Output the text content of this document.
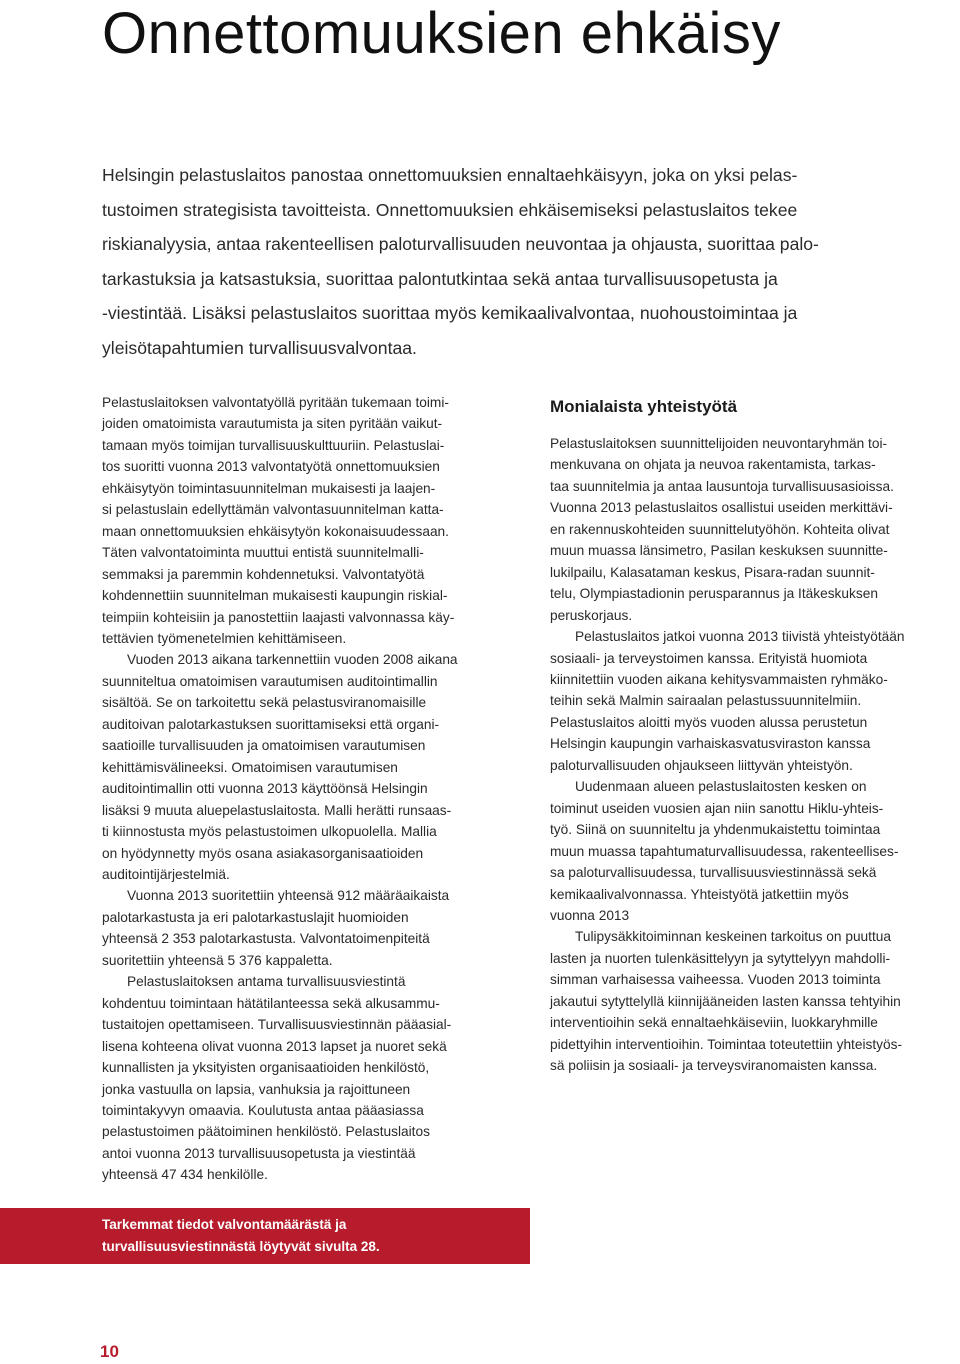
Onnettomuuksien ehkäisy
Helsingin pelastuslaitos panostaa onnettomuuksien ennaltaehkäisyyn, joka on yksi pelas-
tustoimen strategisista tavoitteista. Onnettomuuksien ehkäisemiseksi pelastuslaitos tekee
riskianalyysia, antaa rakenteellisen paloturvallisuuden neuvontaa ja ohjausta, suorittaa palo-
tarkastuksia ja katsastuksia, suorittaa palontutkintaa sekä antaa turvallisuusopetusta ja
-viestintää. Lisäksi pelastuslaitos suorittaa myös kemikaalivalvontaa, nuohoustoimintaa ja
yleisötapahtumien turvallisuusvalvontaa.
Pelastuslaitoksen valvontatyöllä pyritään tukemaan toimi-
joiden omatoimista varautumista ja siten pyritään vaikut-
tamaan myös toimijan turvallisuuskulttuuriin. Pelastuslai-
tos suoritti vuonna 2013 valvontatyötä onnettomuuksien
ehkäisytyön toimintasuunnitelman mukaisesti ja laajen-
si pelastuslain edellyttämän valvontasuunnitelman katta-
maan onnettomuuksien ehkäisytyön kokonaisuudessaan.
Täten valvontatoiminta muuttui entistä suunnitelmalli-
semmaksi ja paremmin kohdennetuksi. Valvontatyötä
kohdennettiin suunnitelman mukaisesti kaupungin riskial-
teimpiin kohteisiin ja panostettiin laajasti valvonnassa käy-
tettävien työmenetelmien kehittämiseen.
Vuoden 2013 aikana tarkennettiin vuoden 2008 aikana
suunniteltua omatoimisen varautumisen auditointimallin
sisältöä. Se on tarkoitettu sekä pelastusviranomaisille
auditoivan palotarkastuksen suorittamiseksi että organi-
saatioille turvallisuuden ja omatoimisen varautumisen
kehittämisvälineeksi. Omatoimisen varautumisen
auditointimallin otti vuonna 2013 käyttöönsä Helsingin
lisäksi 9 muuta aluepelastuslaitosta. Malli herätti runsaas-
ti kiinnostusta myös pelastustoimen ulkopuolella. Mallia
on hyödynnetty myös osana asiakasorganisaatioiden
auditointijärjestelmiä.
Vuonna 2013 suoritettiin yhteensä 912 määräaikaista
palotarkastusta ja eri palotarkastuslajit huomioiden
yhteensä 2 353 palotarkastusta. Valvontatoimenpiteitä
suoritettiin yhteensä 5 376 kappaletta.
Pelastuslaitoksen antama turvallisuusviestintä
kohdentuu toimintaan hätätilanteessa sekä alkusammu-
tustaitojen opettamiseen. Turvallisuusviestinnän pääasial-
lisena kohteena olivat vuonna 2013 lapset ja nuoret sekä
kunnallisten ja yksityisten organisaatioiden henkilöstö,
jonka vastuulla on lapsia, vanhuksia ja rajoittuneen
toimintakyvyn omaavia. Koulutusta antaa pääasiassa
pelastustoimen päätoiminen henkilöstö. Pelastuslaitos
antoi vuonna 2013 turvallisuusopetusta ja viestintää
yhteensä 47 434 henkilölle.
Monialaista yhteistyötä
Pelastuslaitoksen suunnittelijoiden neuvontaryhmän toi-
menkuvana on ohjata ja neuvoa rakentamista, tarkas-
taa suunnitelmia ja antaa lausuntoja turvallisuusasioissa.
Vuonna 2013 pelastuslaitos osallistui useiden merkittävi-
en rakennuskohteiden suunnittelutyöhön. Kohteita olivat
muun muassa länsimetro, Pasilan keskuksen suunnitte-
lukilpailu, Kalasataman keskus, Pisara-radan suunnit-
telu, Olympiastadionin perusparannus ja Itäkeskuksen
peruskorjaus.
Pelastuslaitos jatkoi vuonna 2013 tiivistä yhteistyötään
sosiaali- ja terveystoimen kanssa. Erityistä huomiota
kiinnitettiin vuoden aikana kehitysvammaisten ryhmäko-
teihin sekä Malmin sairaalan pelastussuunnitelmiin.
Pelastuslaitos aloitti myös vuoden alussa perustetun
Helsingin kaupungin varhaiskasvatusviraston kanssa
paloturvallisuuden ohjaukseen liittyvän yhteistyön.
Uudenmaan alueen pelastuslaitosten kesken on
toiminut useiden vuosien ajan niin sanottu Hiklu-yhteis-
työ. Siinä on suunniteltu ja yhdenmukaistettu toimintaa
muun muassa tapahtumaturvallisuudessa, rakenteellises-
sa paloturvallisuudessa, turvallisuusviestinnässä sekä
kemikaalivalvonnassa. Yhteistyötä jatkettiin myös
vuonna 2013
Tulipysäkkitoiminnan keskeinen tarkoitus on puuttua
lasten ja nuorten tulenkäsittelyyn ja sytyttelyyn mahdolli-
simman varhaisessa vaiheessa. Vuoden 2013 toiminta
jakautui sytyttelyllä kiinnijääneiden lasten kanssa tehtyihin
interventioihin sekä ennaltaehkäiseviin, luokkaryhmille
pidettyihin interventioihin. Toimintaa toteutettiin yhteistyös-
sä poliisin ja sosiaali- ja terveysviranomaisten kanssa.
Tarkemmat tiedot valvontamäärästä ja
turvallisuusviestinnästä löytyvät sivulta 28.
10
